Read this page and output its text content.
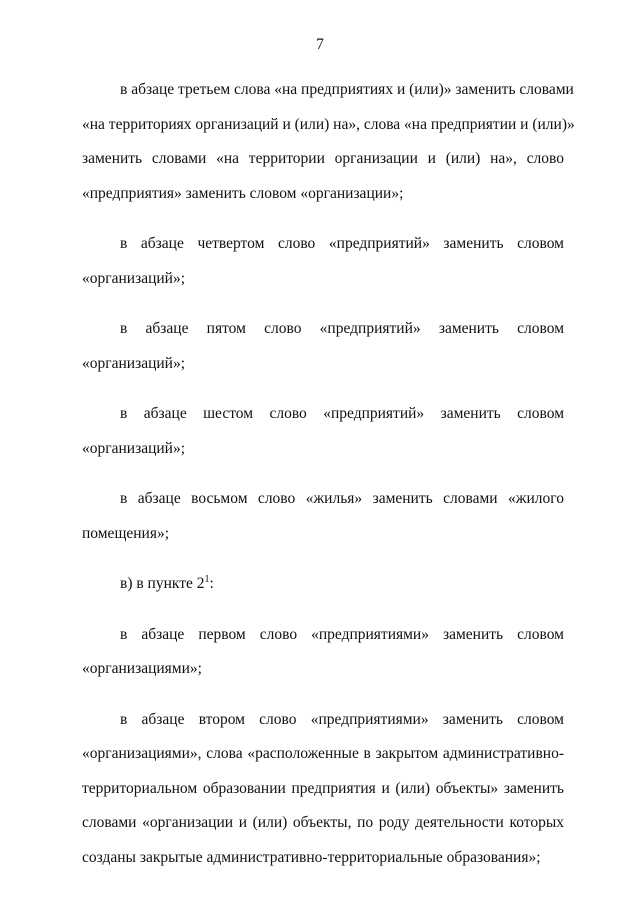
7

в абзаце третьем слова «на предприятиях и (или)» заменить словами
«на территориях организаций и (или) на», слова «на предприятии и (или)»
заменить словами «на территории организации и (или) на», слово
«предприятия» заменить словом «организации»;

в абзаце четвертом слово «предприятий» заменить словом
«организаций»;

в абзаце пятом слово «предприятий» заменить словом
«организаций»;

в абзаце шестом слово «предприятий» заменить словом
«организаций»;

в абзаце восьмом слово «жилья» заменить словами «жилого
помещения»;

в) в пункте $2^1$:

в абзаце первом слово «предприятиями» заменить словом
«организациями»;

в абзаце втором слово «предприятиями» заменить словом
«организациями», слова «расположенные в закрытом административно-
территориальном образовании предприятия и (или) объекты» заменить
словами «организации и (или) объекты, по роду деятельности которых
созданы закрытые административно-территориальные образования»;
